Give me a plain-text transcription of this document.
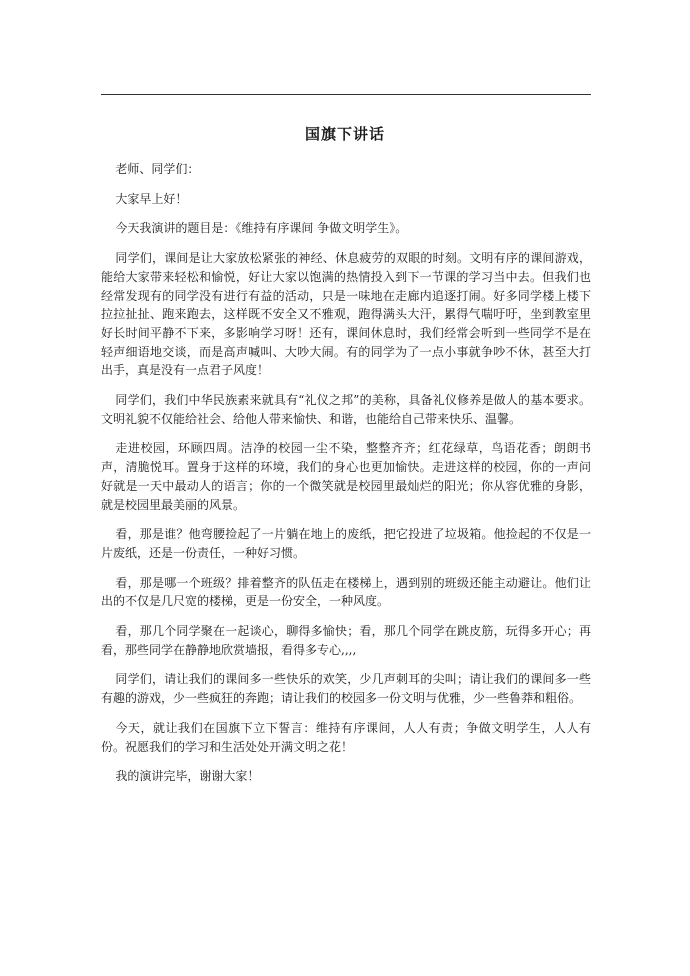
国旗下讲话

老师、同学们：

大家早上好！

今天我演讲的题目是：《维持有序课间 争做文明学生》。

同学们，课间是让大家放松紧张的神经、休息疲劳的双眼的时刻。文明有序的课间游戏，能给大家带来轻松和愉悦，好让大家以饱满的热情投入到下一节课的学习当中去。但我们也经常发现有的同学没有进行有益的活动，只是一味地在走廊内追逐打闹。好多同学楼上楼下拉拉扯扯、跑来跑去，这样既不安全又不雅观，跑得满头大汗，累得气喘吁吁，坐到教室里好长时间平静不下来，多影响学习呀！还有，课间休息时，我们经常会听到一些同学不是在轻声细语地交谈，而是高声喊叫、大吵大闹。有的同学为了一点小事就争吵不休，甚至大打出手，真是没有一点君子风度！

同学们，我们中华民族素来就具有“礼仪之邦”的美称，具备礼仪修养是做人的基本要求。文明礼貌不仅能给社会、给他人带来愉快、和谐，也能给自己带来快乐、温馨。

走进校园，环顾四周。洁净的校园一尘不染，整整齐齐；红花绿草，鸟语花香；朗朗书声，清脆悦耳。置身于这样的环境，我们的身心也更加愉快。走进这样的校园，你的一声问好就是一天中最动人的语言；你的一个微笑就是校园里最灿烂的阳光；你从容优雅的身影，就是校园里最美丽的风景。

看，那是谁？他弯腰捡起了一片躺在地上的废纸，把它投进了垃圾箱。他捡起的不仅是一片废纸，还是一份责任，一种好习惯。

看，那是哪一个班级？排着整齐的队伍走在楼梯上，遇到别的班级还能主动避让。他们让出的不仅是几尺宽的楼梯，更是一份安全，一种风度。

看，那几个同学聚在一起谈心，聊得多愉快；看，那几个同学在跳皮筋，玩得多开心；再看，那些同学在静静地欣赏墙报，看得多专心,,,,

同学们，请让我们的课间多一些快乐的欢笑，少几声刺耳的尖叫；请让我们的课间多一些有趣的游戏，少一些疯狂的奔跑；请让我们的校园多一份文明与优雅，少一些鲁莽和粗俗。

今天，就让我们在国旗下立下誓言：维持有序课间，人人有责；争做文明学生，人人有份。祝愿我们的学习和生活处处开满文明之花！

我的演讲完毕，谢谢大家！
